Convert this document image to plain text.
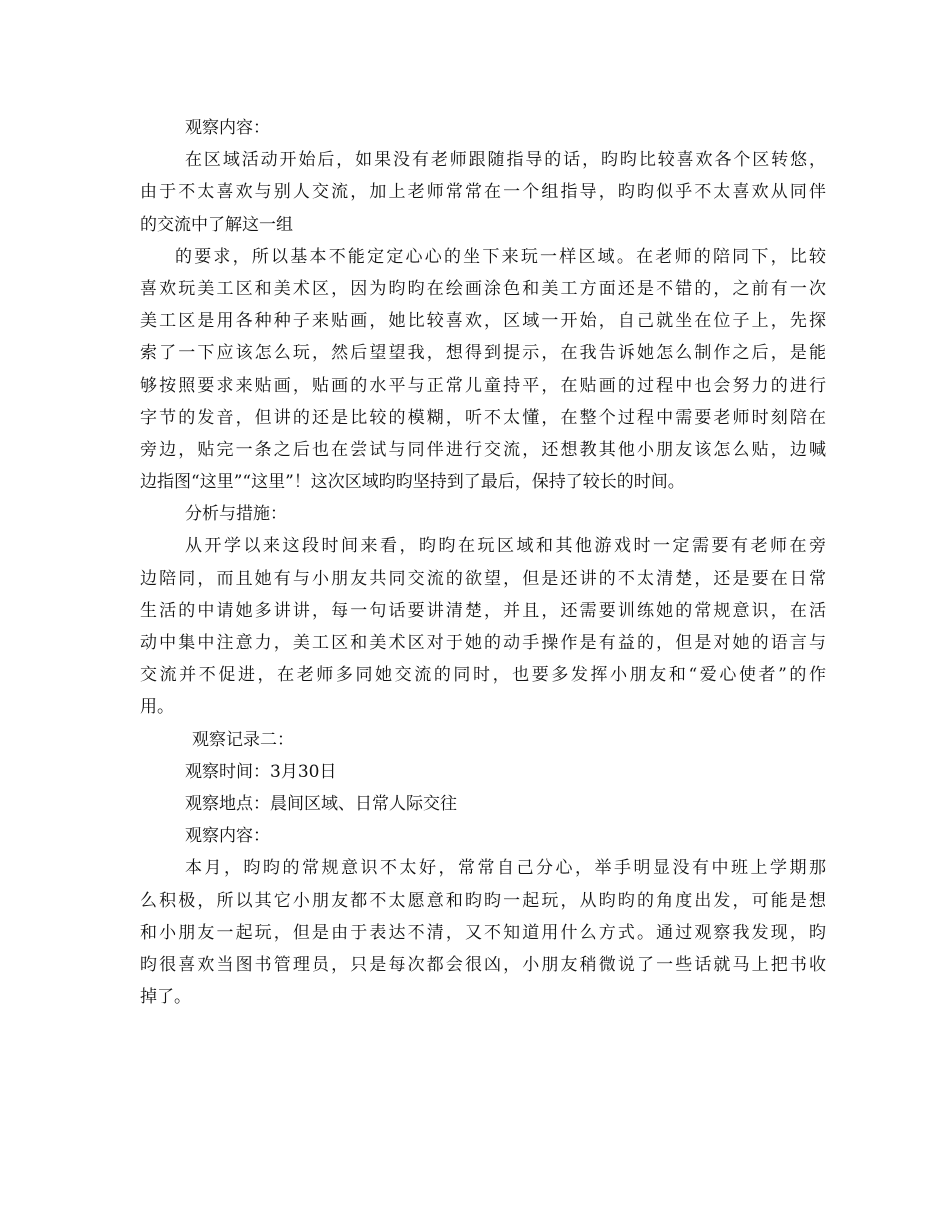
观察内容：
在区域活动开始后，如果没有老师跟随指导的话，昀昀比较喜欢各个区转悠，
由于不太喜欢与别人交流，加上老师常常在一个组指导，昀昀似乎不太喜欢从同伴
的交流中了解这一组
的要求，所以基本不能定定心心的坐下来玩一样区域。在老师的陪同下，比较
喜欢玩美工区和美术区，因为昀昀在绘画涂色和美工方面还是不错的，之前有一次
美工区是用各种种子来贴画，她比较喜欢，区域一开始，自己就坐在位子上，先探
索了一下应该怎么玩，然后望望我，想得到提示，在我告诉她怎么制作之后，是能
够按照要求来贴画，贴画的水平与正常儿童持平，在贴画的过程中也会努力的进行
字节的发音，但讲的还是比较的模糊，听不太懂，在整个过程中需要老师时刻陪在
旁边，贴完一条之后也在尝试与同伴进行交流，还想教其他小朋友该怎么贴，边喊
边指图“这里”“这里”！这次区域昀昀坚持到了最后，保持了较长的时间。
分析与措施：
从开学以来这段时间来看，昀昀在玩区域和其他游戏时一定需要有老师在旁
边陪同，而且她有与小朋友共同交流的欲望，但是还讲的不太清楚，还是要在日常
生活的中请她多讲讲，每一句话要讲清楚，并且，还需要训练她的常规意识，在活
动中集中注意力，美工区和美术区对于她的动手操作是有益的，但是对她的语言与
交流并不促进，在老师多同她交流的同时，也要多发挥小朋友和“爱心使者”的作
用。
观察记录二：
观察时间：3月30日
观察地点：晨间区域、日常人际交往
观察内容：
本月，昀昀的常规意识不太好，常常自己分心，举手明显没有中班上学期那
么积极，所以其它小朋友都不太愿意和昀昀一起玩，从昀昀的角度出发，可能是想
和小朋友一起玩，但是由于表达不清，又不知道用什么方式。通过观察我发现，昀
昀很喜欢当图书管理员，只是每次都会很凶，小朋友稍微说了一些话就马上把书收
掉了。
